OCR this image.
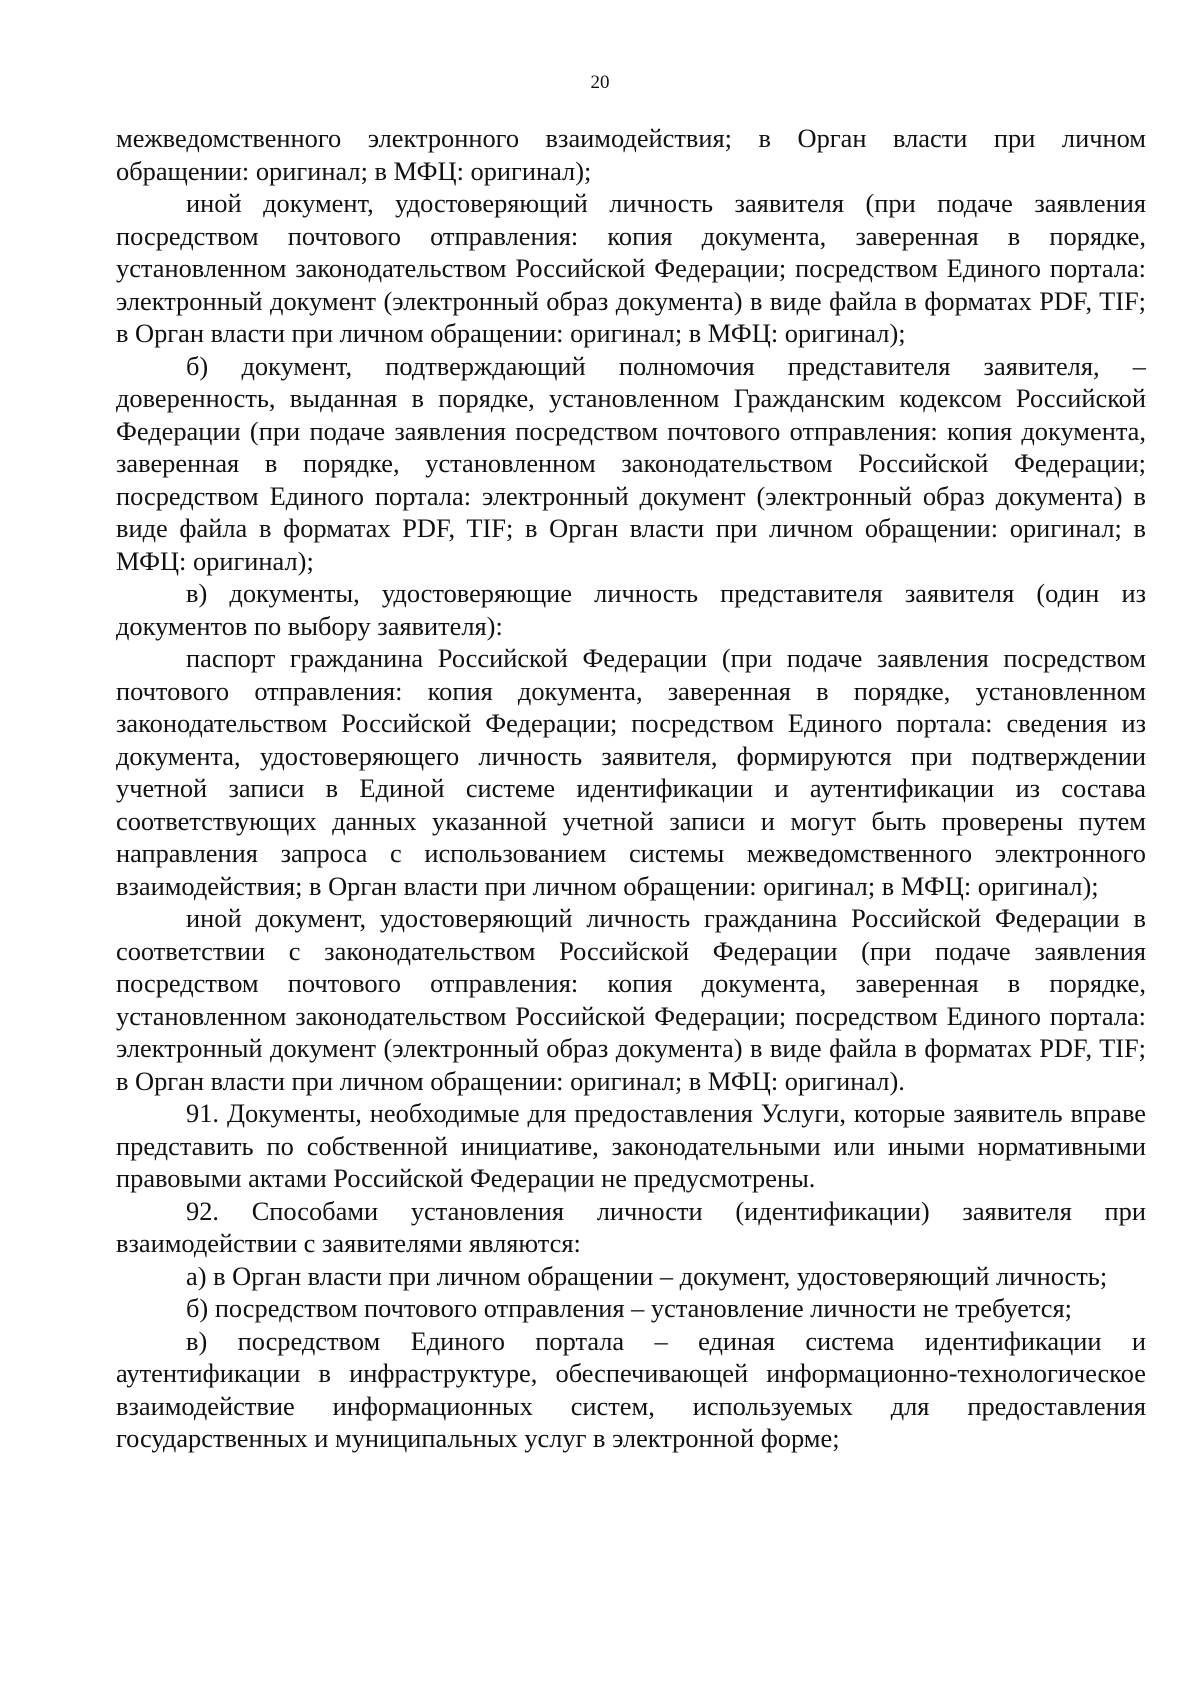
20

межведомственного электронного взаимодействия; в Орган власти при личном обращении: оригинал; в МФЦ: оригинал);

иной документ, удостоверяющий личность заявителя (при подаче заявления посредством почтового отправления: копия документа, заверенная в порядке, установленном законодательством Российской Федерации; посредством Единого портала: электронный документ (электронный образ документа) в виде файла в форматах PDF, TIF; в Орган власти при личном обращении: оригинал; в МФЦ: оригинал);

б) документ, подтверждающий полномочия представителя заявителя, – доверенность, выданная в порядке, установленном Гражданским кодексом Российской Федерации (при подаче заявления посредством почтового отправления: копия документа, заверенная в порядке, установленном законодательством Российской Федерации; посредством Единого портала: электронный документ (электронный образ документа) в виде файла в форматах PDF, TIF; в Орган власти при личном обращении: оригинал; в МФЦ: оригинал);

в) документы, удостоверяющие личность представителя заявителя (один из документов по выбору заявителя):

паспорт гражданина Российской Федерации (при подаче заявления посредством почтового отправления: копия документа, заверенная в порядке, установленном законодательством Российской Федерации; посредством Единого портала: сведения из документа, удостоверяющего личность заявителя, формируются при подтверждении учетной записи в Единой системе идентификации и аутентификации из состава соответствующих данных указанной учетной записи и могут быть проверены путем направления запроса с использованием системы межведомственного электронного взаимодействия; в Орган власти при личном обращении: оригинал; в МФЦ: оригинал);

иной документ, удостоверяющий личность гражданина Российской Федерации в соответствии с законодательством Российской Федерации (при подаче заявления посредством почтового отправления: копия документа, заверенная в порядке, установленном законодательством Российской Федерации; посредством Единого портала: электронный документ (электронный образ документа) в виде файла в форматах PDF, TIF; в Орган власти при личном обращении: оригинал; в МФЦ: оригинал).

91. Документы, необходимые для предоставления Услуги, которые заявитель вправе представить по собственной инициативе, законодательными или иными нормативными правовыми актами Российской Федерации не предусмотрены.

92. Способами установления личности (идентификации) заявителя при взаимодействии с заявителями являются:

а) в Орган власти при личном обращении – документ, удостоверяющий личность;

б) посредством почтового отправления – установление личности не требуется;

в) посредством Единого портала – единая система идентификации и аутентификации в инфраструктуре, обеспечивающей информационно-технологическое взаимодействие информационных систем, используемых для предоставления государственных и муниципальных услуг в электронной форме;
